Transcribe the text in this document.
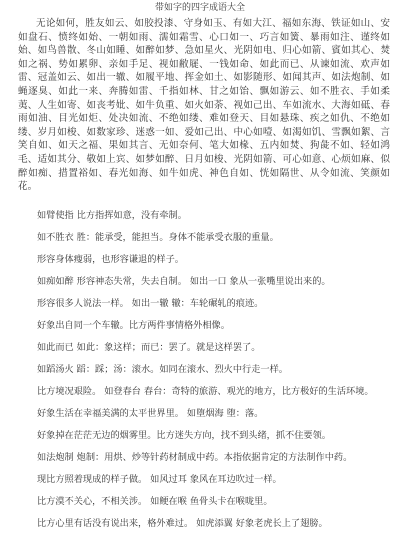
带如字的四字成语大全

无论如何，胜友如云、如胶投漆、守身如玉、有如大江、福如东海、铁证如山、安如盘石、愤终如始、一朝如雨、濡如霜雪、心口如一、巧言如簧、暴雨如注、谨终如始、如鸟兽散、冬山如睡、如醉如梦、急如星火、光阴如电、归心如箭、賓如其心、焚如之祸、势如累卵、亲如手足、视如敝屣、一钱如命、如此而已、从谏如流、欢声如雷、冠盖如云、如出一辙、如履平地、挥金如土、如影随形、如闻其声、如法炮制、如蝇逐臭、如此一来、奔腾如雷、千指如林、甘之如饴、飘如游云、如不胜衣、手如柔荑、人生如寄、如丧考妣、如牛负重、如火如荼、视如己出、车如流水、大海如砥、春雨如油、目光如炬、处决如流、不绝如缕、难如登天、目如悬珠、疾之如仇、不绝如缕、岁月如梭、如数家珍、迷惑一如、爱如己出、中心如噎、如渴如饥、雪飘如絮、言笑自如、如天之福、果如其言、无如奈何、笔大如椽、五内如焚、狗彘不如、轻如鸿毛、适如其分、敬如上宾、如梦如醉、日月如梭、光阴如箭、可心如意、心烦如麻、似醉如痴、措置裕如、春光如海、如牛如虎、神色自如、恍如隔世、从令如流、笑颜如花。

如臂使指 比方指挥如意，没有牵制。

如不胜衣 胜：能承受，能担当。身体不能承受衣服的重量。

形容身体瘦弱，也形容谦退的样子。

如痴如醉 形容神态失常，失去自制。 如出一口 象从一张嘴里说出来的。

形容很多人说法一样。 如出一辙 辙：车轮碾轧的痕迹。

好象出自同一个车辙。比方两件事情格外相像。

如此而已 如此：象这样；而已：罢了。就是这样罢了。

如蹈汤火 蹈：踩；汤：滚水。如同在滚水、烈火中行走一样。

比方境况艰险。 如登春台 春台：奇特的旅游、观光的地方，比方极好的生活环境。

好象生活在幸福美满的太平世界里。 如堕烟海 堕：落。

好象掉在茫茫无边的烟雾里。比方迷失方向，找不到头绪，抓不住要领。

如法炮制 炮制：用烘、炒等针药材制成中药。本指依据肯定的方法制作中药。

现比方照着现成的样子做。 如风过耳 象风在耳边吹过一样。

比方漠不关心，不相关涉。 如鲠在喉 鱼骨头卡在喉咙里。

比方心里有话没有说出来，格外难过。 如虎添翼 好象老虎长上了翅膀。
